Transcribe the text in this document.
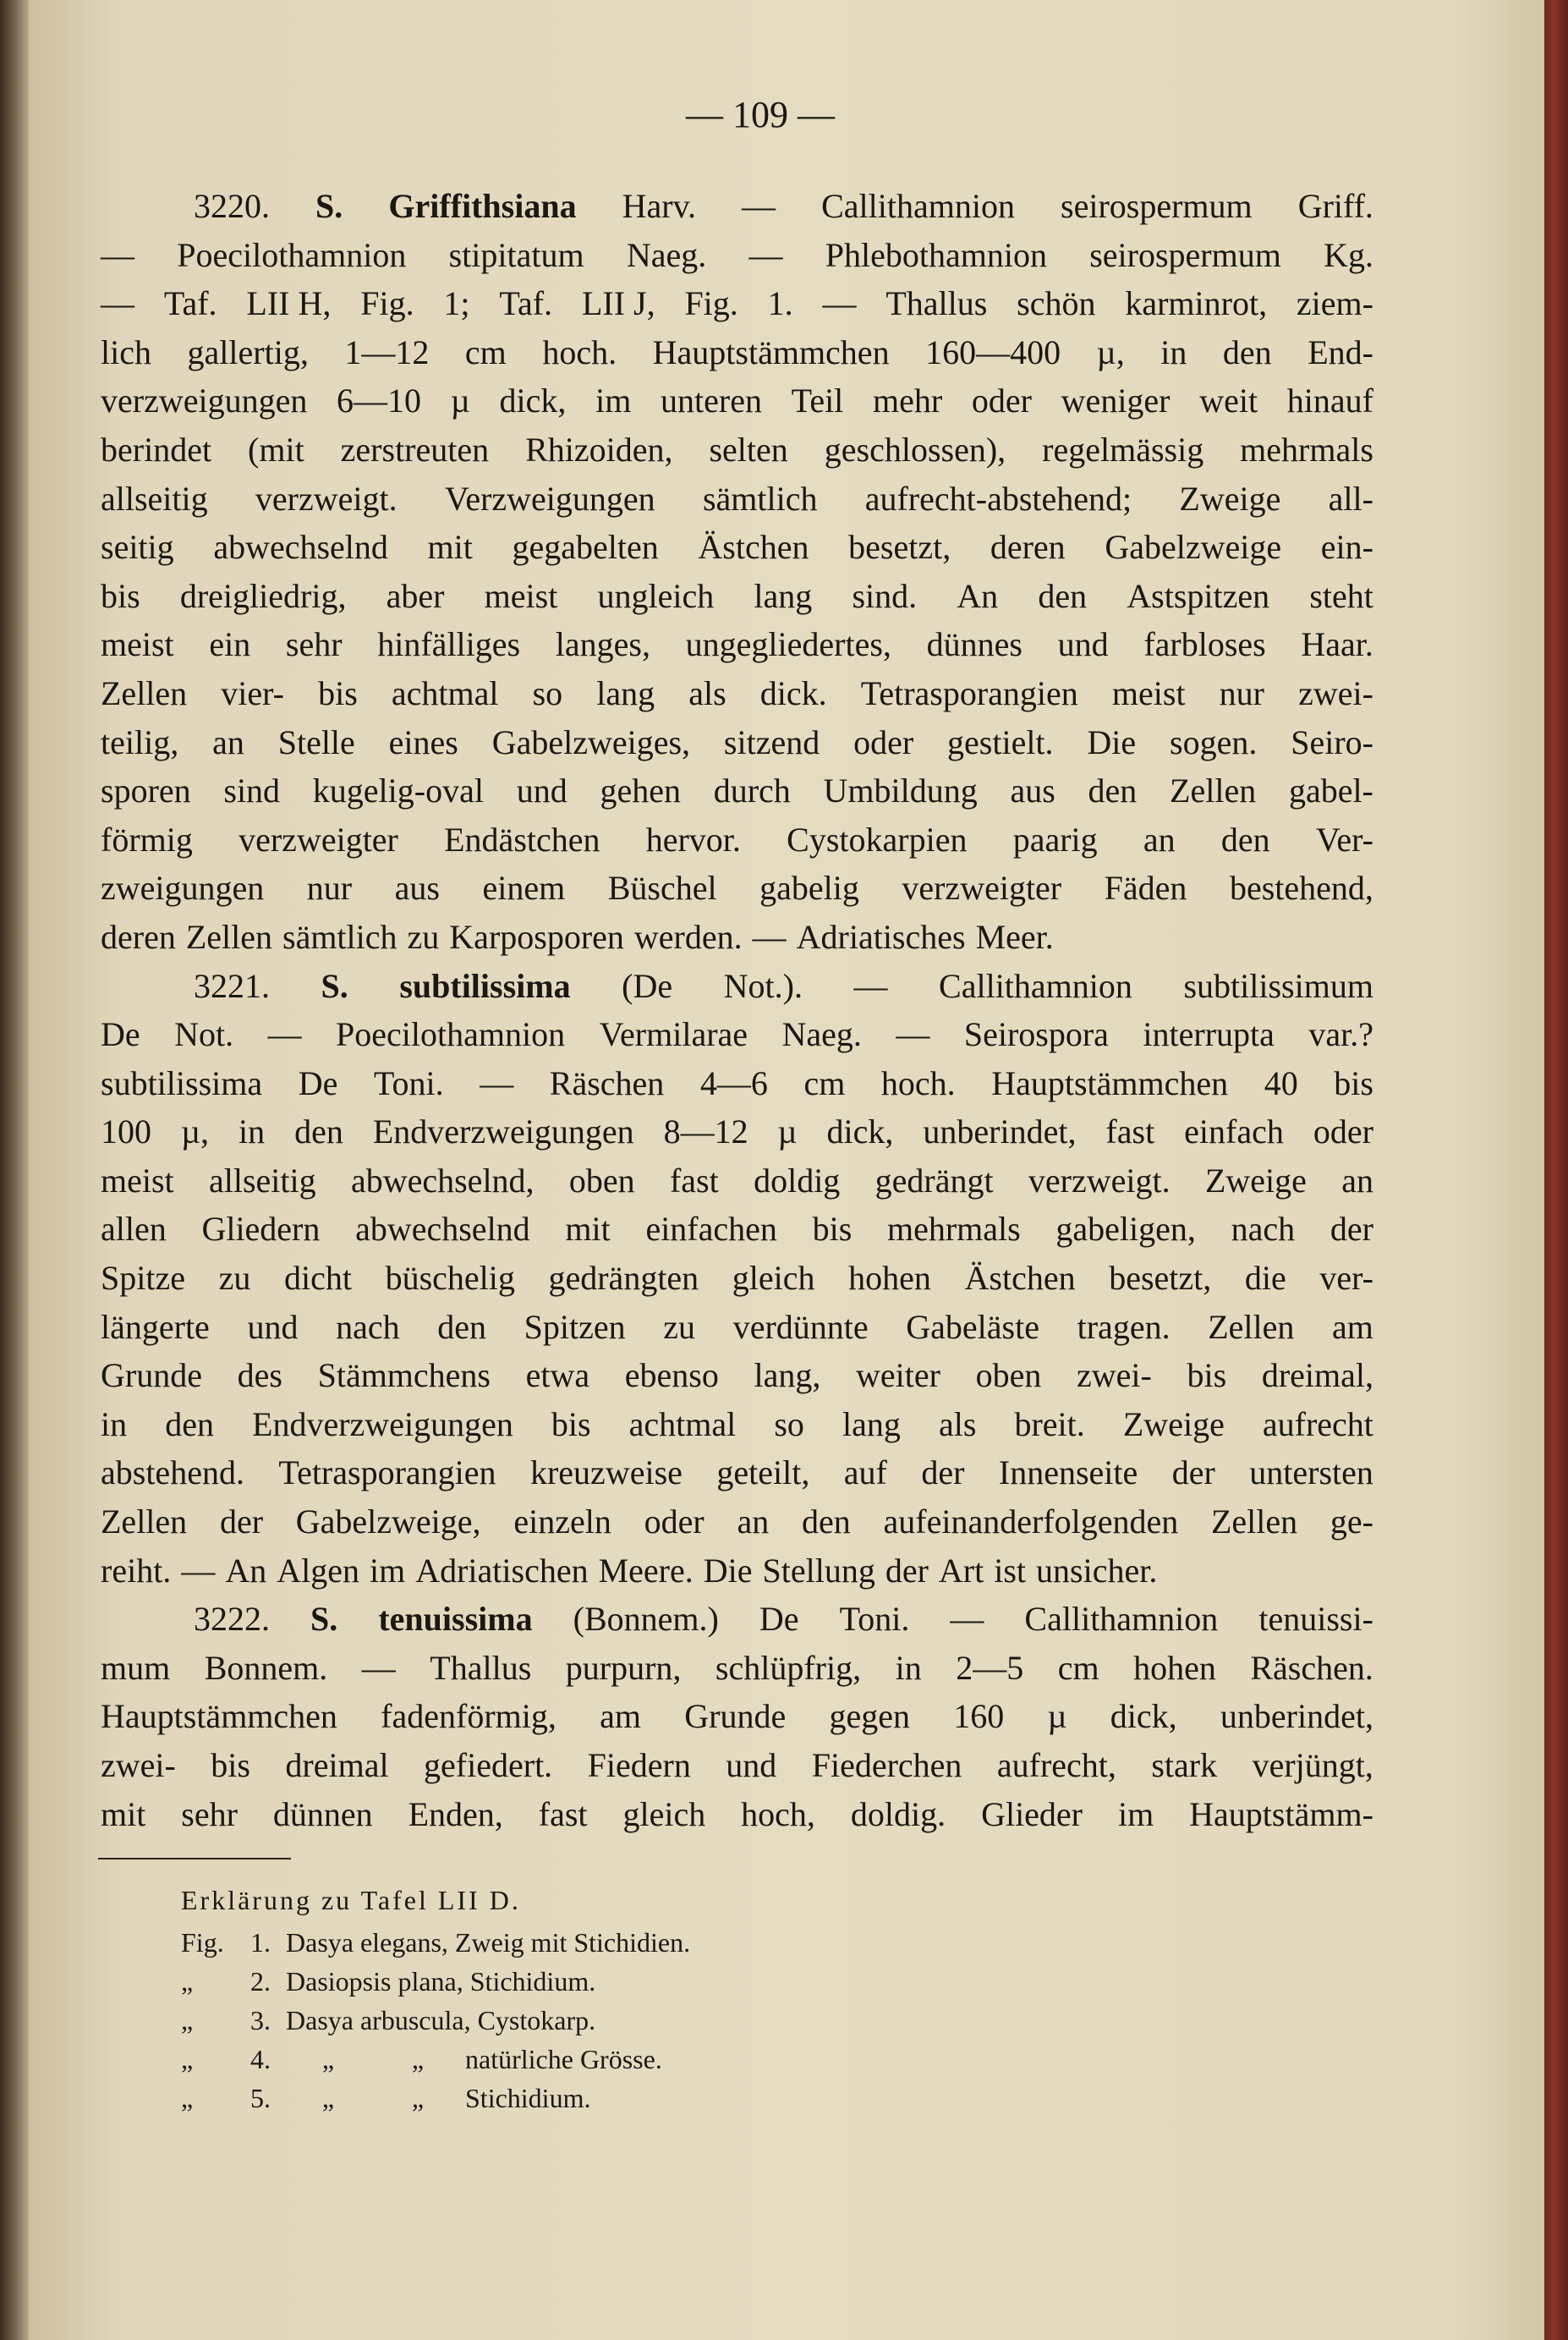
— 109 —
3220. S. Griffithsiana Harv. — Callithamnion seirospermum Griff.
— Poecilothamnion stipitatum Naeg. — Phlebothamnion seirospermum Kg.
— Taf. LII H, Fig. 1; Taf. LII J, Fig. 1. — Thallus schön karminrot, ziem-
lich gallertig, 1—12 cm hoch. Hauptstämmchen 160—400 µ, in den End-
verzweigungen 6—10 µ dick, im unteren Teil mehr oder weniger weit hinauf
berindet (mit zerstreuten Rhizoiden, selten geschlossen), regelmässig mehrmals
allseitig verzweigt. Verzweigungen sämtlich aufrecht-abstehend; Zweige all-
seitig abwechselnd mit gegabelten Ästchen besetzt, deren Gabelzweige ein-
bis dreigliedrig, aber meist ungleich lang sind. An den Astspitzen steht
meist ein sehr hinfälliges langes, ungegliedertes, dünnes und farbloses Haar.
Zellen vier- bis achtmal so lang als dick. Tetrasporangien meist nur zwei-
teilig, an Stelle eines Gabelzweiges, sitzend oder gestielt. Die sogen. Seiro-
sporen sind kugelig-oval und gehen durch Umbildung aus den Zellen gabel-
förmig verzweigter Endästchen hervor. Cystokarpien paarig an den Ver-
zweigungen nur aus einem Büschel gabelig verzweigter Fäden bestehend,
deren Zellen sämtlich zu Karposporen werden. — Adriatisches Meer.
3221. S. subtilissima (De Not.). — Callithamnion subtilissimum
De Not. — Poecilothamnion Vermilarae Naeg. — Seirospora interrupta var.?
subtilissima De Toni. — Räschen 4—6 cm hoch. Hauptstämmchen 40 bis
100 µ, in den Endverzweigungen 8—12 µ dick, unberindet, fast einfach oder
meist allseitig abwechselnd, oben fast doldig gedrängt verzweigt. Zweige an
allen Gliedern abwechselnd mit einfachen bis mehrmals gabeligen, nach der
Spitze zu dicht büschelig gedrängten gleich hohen Ästchen besetzt, die ver-
längerte und nach den Spitzen zu verdünnte Gabeläste tragen. Zellen am
Grunde des Stämmchens etwa ebenso lang, weiter oben zwei- bis dreimal,
in den Endverzweigungen bis achtmal so lang als breit. Zweige aufrecht
abstehend. Tetrasporangien kreuzweise geteilt, auf der Innenseite der untersten
Zellen der Gabelzweige, einzeln oder an den aufeinanderfolgenden Zellen ge-
reiht. — An Algen im Adriatischen Meere. Die Stellung der Art ist unsicher.
3222. S. tenuissima (Bonnem.) De Toni. — Callithamnion tenuissi-
mum Bonnem. — Thallus purpurn, schlüpfrig, in 2—5 cm hohen Räschen.
Hauptstämmchen fadenförmig, am Grunde gegen 160 µ dick, unberindet,
zwei- bis dreimal gefiedert. Fiedern und Fiederchen aufrecht, stark verjüngt,
mit sehr dünnen Enden, fast gleich hoch, doldig. Glieder im Hauptstämm-
Erklärung zu Tafel LII D.
Fig. 1. Dasya elegans, Zweig mit Stichidien.
„	2. Dasiopsis plana, Stichidium.
„	3. Dasya arbuscula, Cystokarp.
„	4.	„	„ natürliche Grösse.
„	5.	„	„ Stichidium.
